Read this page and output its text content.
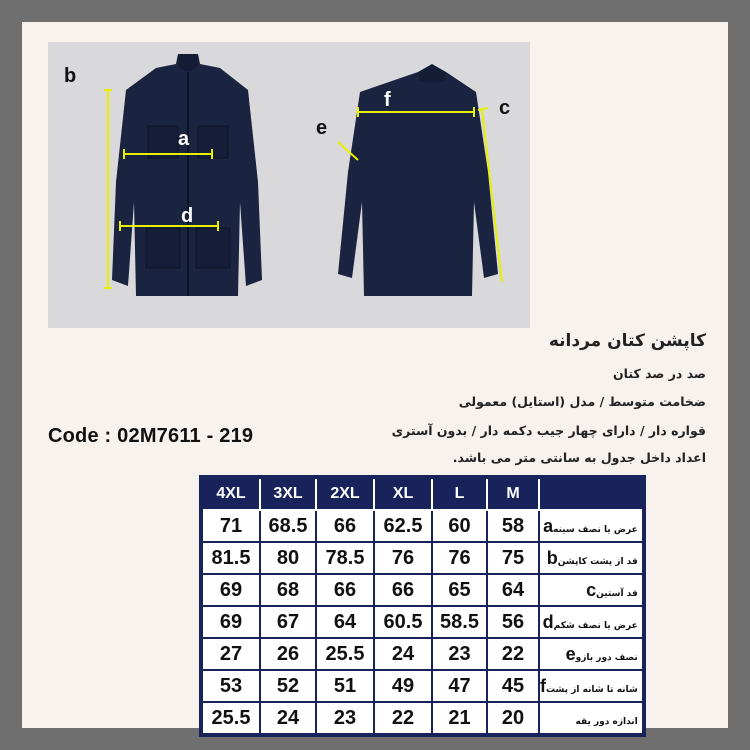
b
a
d
e
f	c
کاپشن کتان مردانه
صد در صد کتان
ضخامت متوسط / مدل (استایل) معمولی
قواره دار / دارای چهار جیب دکمه دار / بدون آستری
اعداد داخل جدول به سانتی متر می باشد.
Code : 02M7611 - 219
4XL	3XL	2XL	XL	L	M	
71	68.5	66	62.5	60	58	عرض یا نصف سینهa
81.5	80	78.5	76	76	75	قد از پشت کاپشنb
69	68	66	66	65	64	قد آستینc
69	67	64	60.5	58.5	56	عرض یا نصف شکمd
27	26	25.5	24	23	22	نصف دور بازوe
53	52	51	49	47	45	شانه تا شانه از پشتf
25.5	24	23	22	21	20	اندازه دور یقه
